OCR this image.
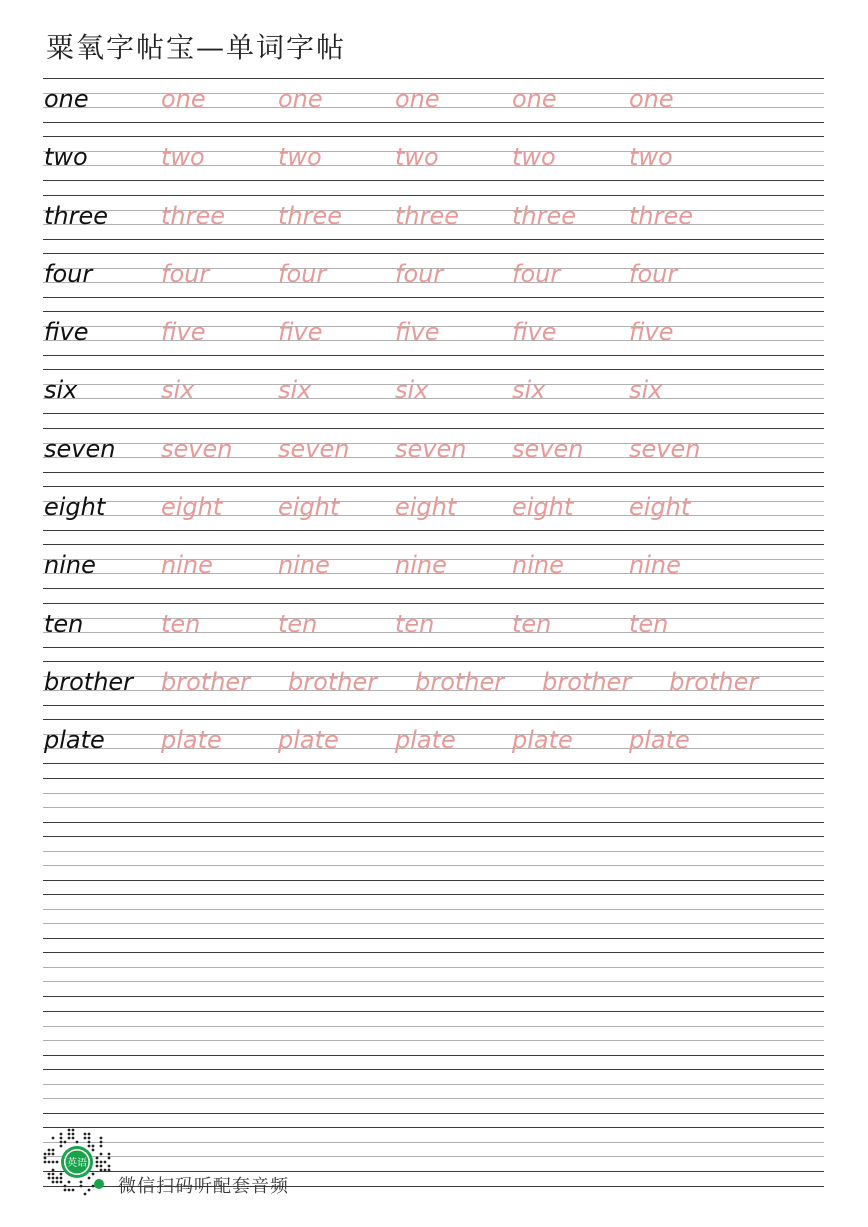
粟氧字帖宝—单词字帖
one	one	one	one	one	one
two	two	two	two	two	two
three three three three three three
four	four	four	four	four	four
five	five	five	five	five	five
six	six	six	six	six	six
seven seven seven seven seven seven
eight eight eight eight eight eight
nine	nine	nine	nine	nine	nine
ten	ten	ten	ten	ten	ten
brother brother brother brother brother brother
plate plate plate plate plate plate
英语
微信扫码听配套音频
